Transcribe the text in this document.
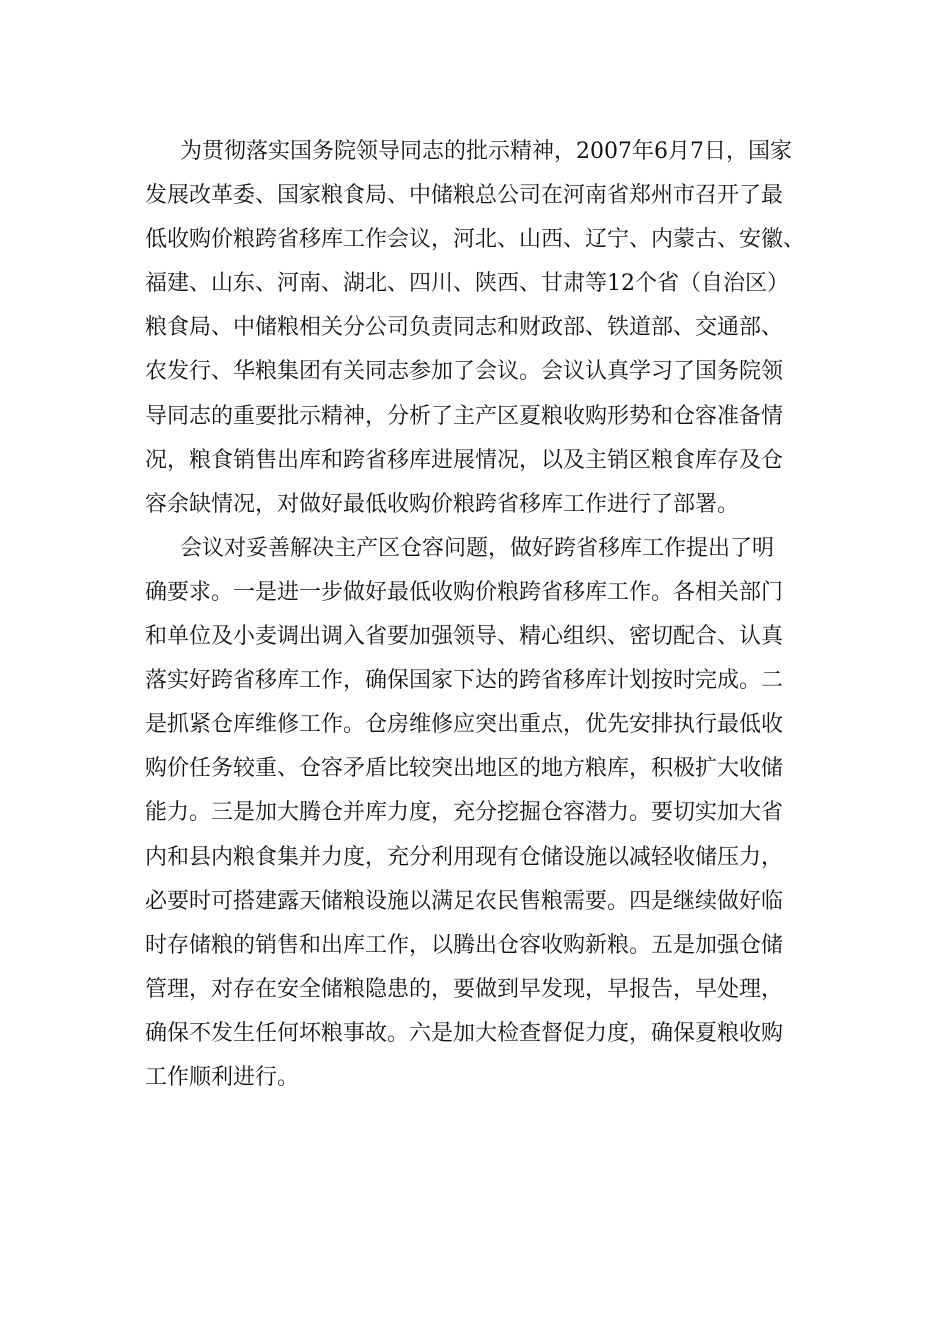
为贯彻落实国务院领导同志的批示精神，2007年6月7日，国家
发展改革委、国家粮食局、中储粮总公司在河南省郑州市召开了最
低收购价粮跨省移库工作会议，河北、山西、辽宁、内蒙古、安徽、
福建、山东、河南、湖北、四川、陕西、甘肃等12个省（自治区）
粮食局、中储粮相关分公司负责同志和财政部、铁道部、交通部、
农发行、华粮集团有关同志参加了会议。会议认真学习了国务院领
导同志的重要批示精神，分析了主产区夏粮收购形势和仓容准备情
况，粮食销售出库和跨省移库进展情况，以及主销区粮食库存及仓
容余缺情况，对做好最低收购价粮跨省移库工作进行了部署。
会议对妥善解决主产区仓容问题，做好跨省移库工作提出了明
确要求。一是进一步做好最低收购价粮跨省移库工作。各相关部门
和单位及小麦调出调入省要加强领导、精心组织、密切配合、认真
落实好跨省移库工作，确保国家下达的跨省移库计划按时完成。二
是抓紧仓库维修工作。仓房维修应突出重点，优先安排执行最低收
购价任务较重、仓容矛盾比较突出地区的地方粮库，积极扩大收储
能力。三是加大腾仓并库力度，充分挖掘仓容潜力。要切实加大省
内和县内粮食集并力度，充分利用现有仓储设施以减轻收储压力，
必要时可搭建露天储粮设施以满足农民售粮需要。四是继续做好临
时存储粮的销售和出库工作，以腾出仓容收购新粮。五是加强仓储
管理，对存在安全储粮隐患的，要做到早发现，早报告，早处理，
确保不发生任何坏粮事故。六是加大检查督促力度，确保夏粮收购
工作顺利进行。
